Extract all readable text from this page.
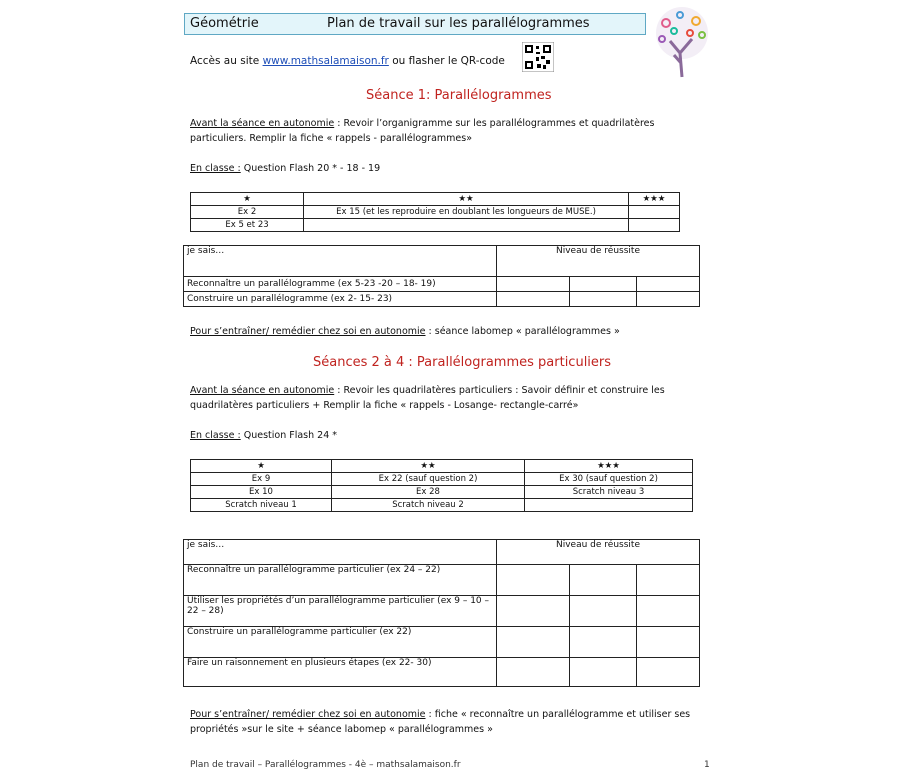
Géométrie	Plan de travail sur les parallélogrammes
Accès au site www.mathsalamaison.fr ou flasher le QR-code
Séance 1: Parallélogrammes
Avant la séance en autonomie : Revoir l’organigramme sur les parallélogrammes et quadrilatères particuliers. Remplir la fiche « rappels - parallélogrammes»
En classe : Question Flash 20 * - 18 - 19
★	★★	★★★
Ex 2	Ex 15 (et les reproduire en doublant les longueurs de MUSE.)	
Ex 5 et 23		
je sais…	Niveau de réussite		
Reconnaître un parallélogramme (ex 5-23 -20 – 18- 19)			
Construire un parallélogramme (ex 2- 15- 23)			
Pour s’entraîner/ remédier chez soi en autonomie : séance labomep « parallélogrammes »
Séances 2 à 4 : Parallélogrammes particuliers
Avant la séance en autonomie : Revoir les quadrilatères particuliers : Savoir définir et construire les quadrilatères particuliers + Remplir la fiche « rappels - Losange- rectangle-carré»
En classe : Question Flash 24 *
★	★★	★★★
Ex 9	Ex 22 (sauf question 2)	Ex 30 (sauf question 2)
Ex 10	Ex 28	Scratch niveau 3
Scratch niveau 1	Scratch niveau 2	
je sais…	Niveau de réussite		
Reconnaître un parallélogramme particulier (ex 24 – 22)			
Utiliser les propriétés d’un parallélogramme particulier (ex 9 – 10 – 22 – 28)			
Construire un parallélogramme particulier (ex 22)			
Faire un raisonnement en plusieurs étapes (ex 22- 30)			
Pour s’entraîner/ remédier chez soi en autonomie : fiche « reconnaître un parallélogramme et utiliser ses propriétés »sur le site + séance labomep « parallélogrammes »
Plan de travail – Parallélogrammes - 4è – mathsalamaison.fr	1
